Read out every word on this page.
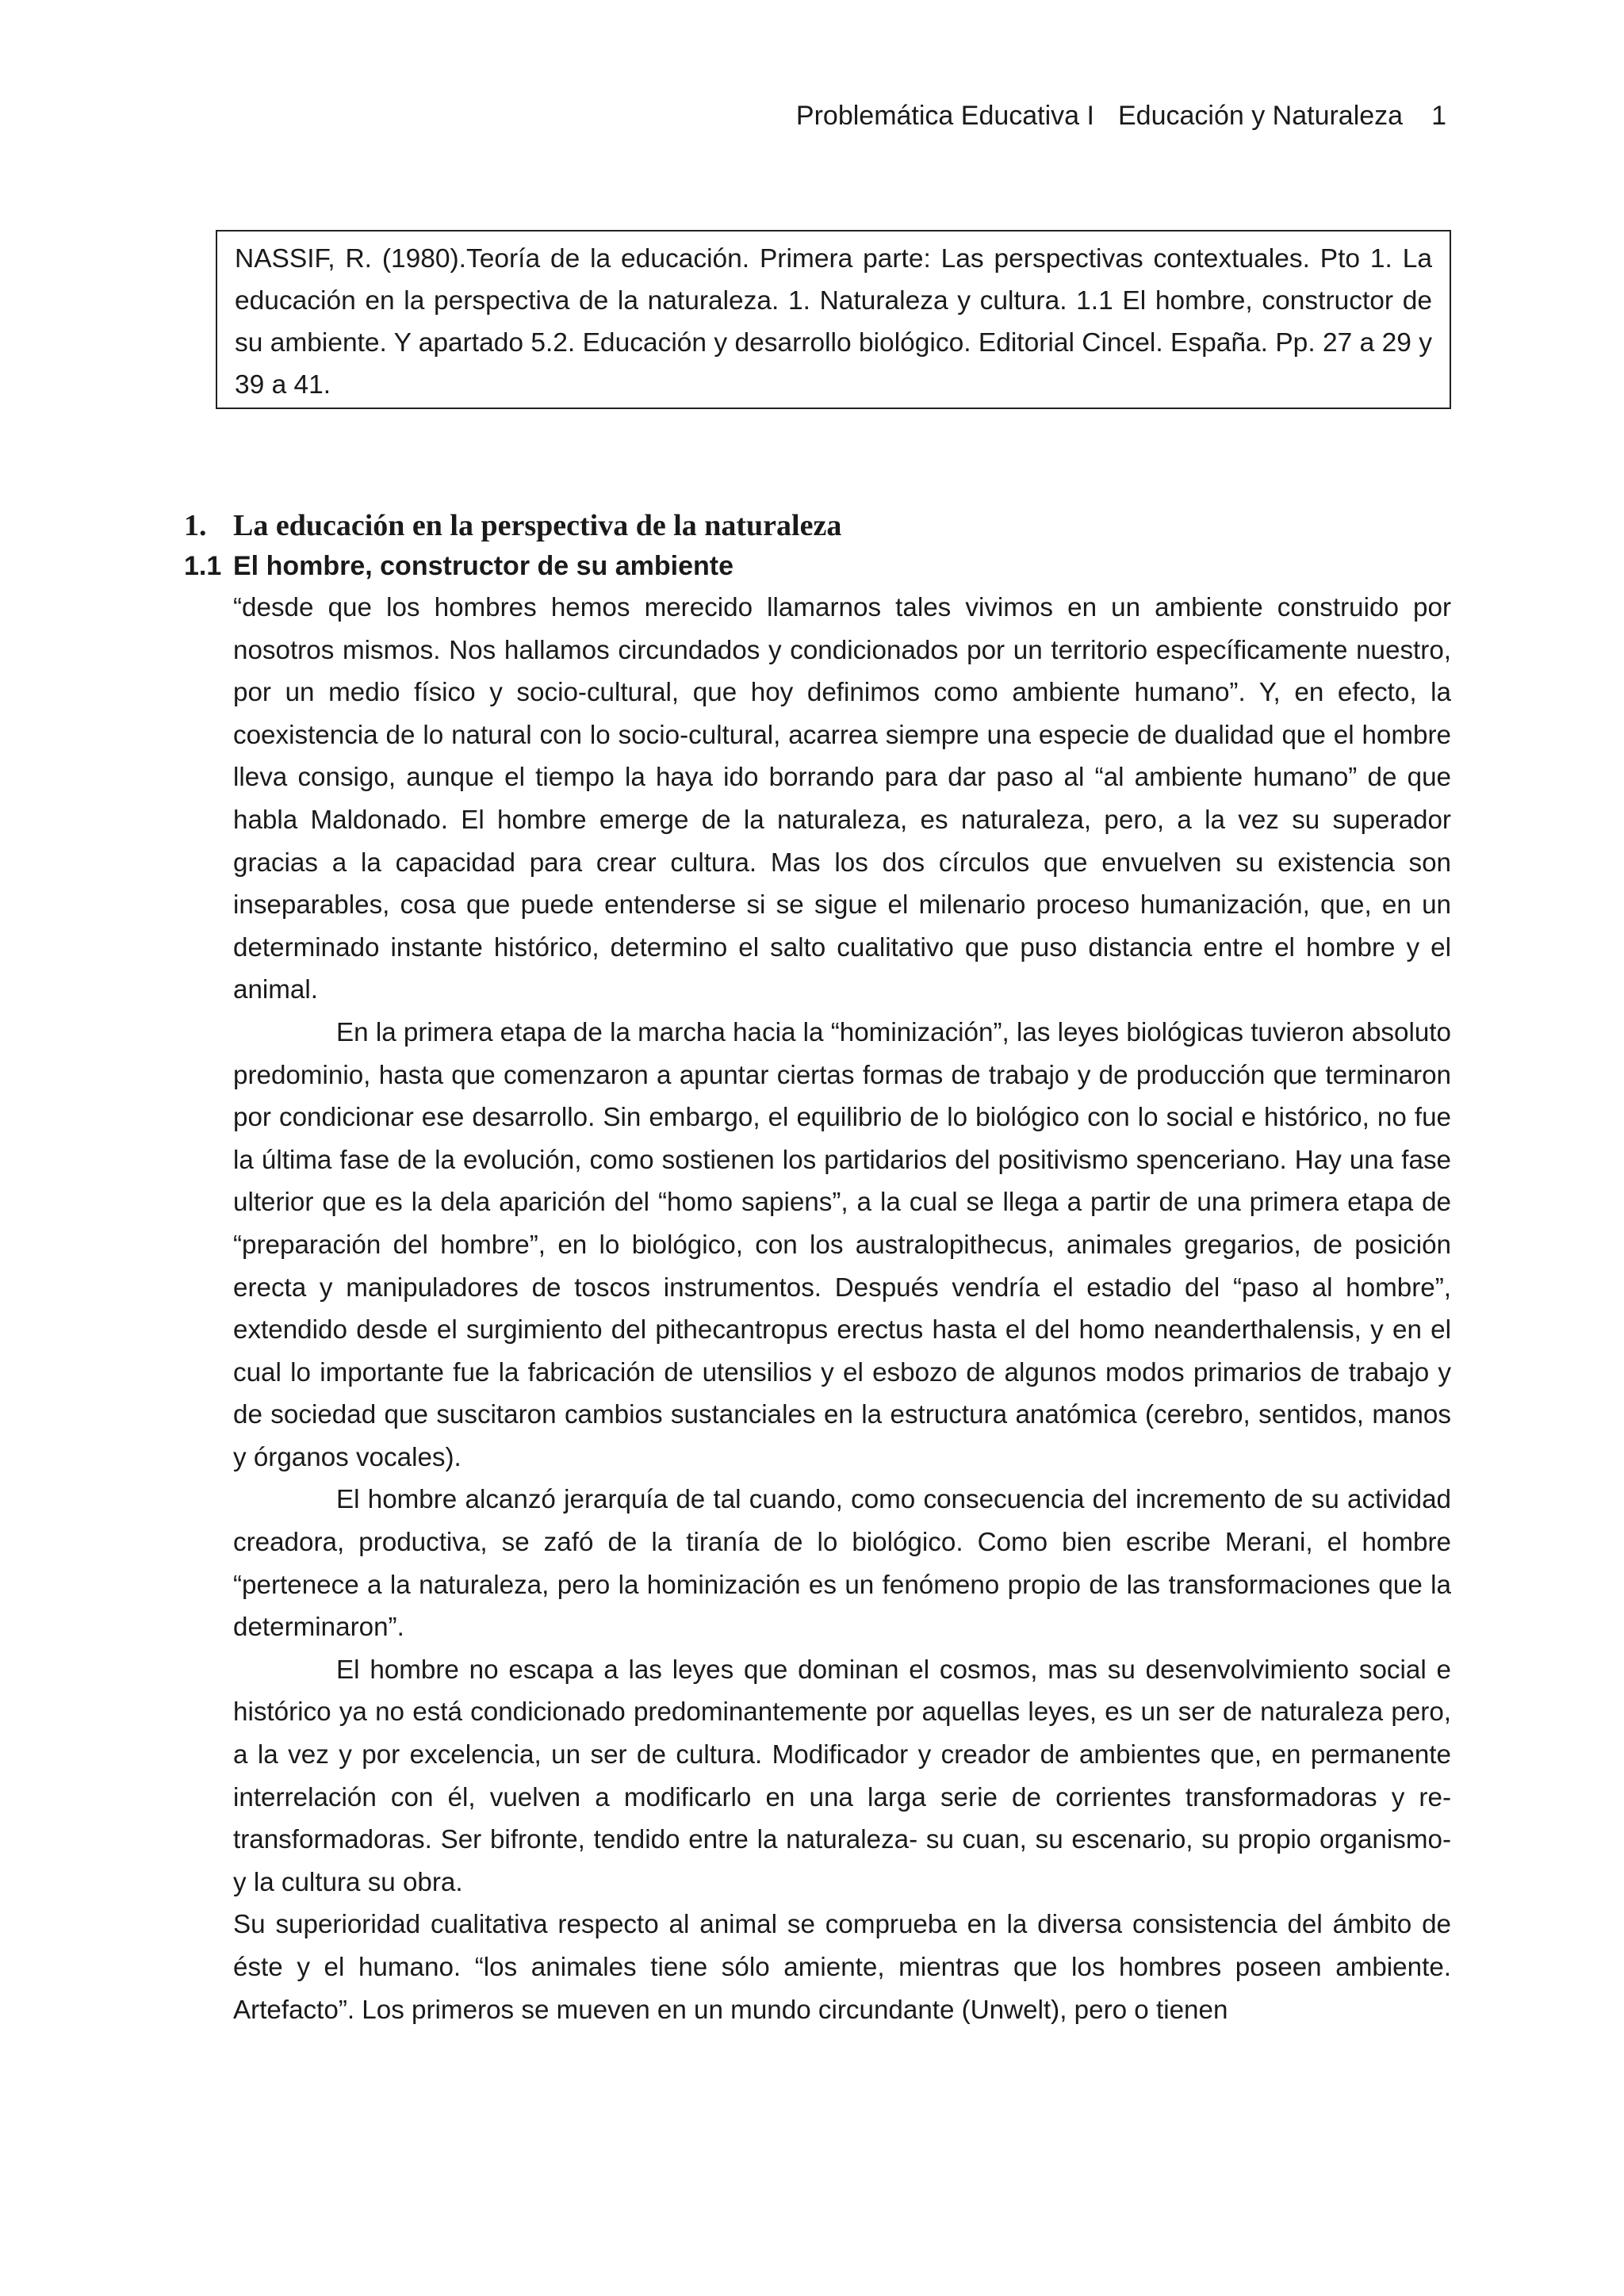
Problemática Educativa I Educación y Naturaleza 1
NASSIF, R. (1980).Teoría de la educación. Primera parte: Las perspectivas contextuales. Pto 1. La educación en la perspectiva de la naturaleza. 1. Naturaleza y cultura. 1.1 El hombre, constructor de su ambiente. Y apartado 5.2. Educación y desarrollo biológico. Editorial Cincel. España. Pp. 27 a 29 y 39 a 41.
1. La educación en la perspectiva de la naturaleza
1.1 El hombre, constructor de su ambiente

“desde que los hombres hemos merecido llamarnos tales vivimos en un ambiente construido por nosotros mismos. Nos hallamos circundados y condicionados por un territorio específicamente nuestro, por un medio físico y socio-cultural, que hoy definimos como ambiente humano”. Y, en efecto, la coexistencia de lo natural con lo socio-cultural, acarrea siempre una especie de dualidad que el hombre lleva consigo, aunque el tiempo la haya ido borrando para dar paso al “al ambiente humano” de que habla Maldonado. El hombre emerge de la naturaleza, es naturaleza, pero, a la vez su superador gracias a la capacidad para crear cultura. Mas los dos círculos que envuelven su existencia son inseparables, cosa que puede entenderse si se sigue el milenario proceso humanización, que, en un determinado instante histórico, determino el salto cualitativo que puso distancia entre el hombre y el animal.

En la primera etapa de la marcha hacia la “hominización”, las leyes biológicas tuvieron absoluto predominio, hasta que comenzaron a apuntar ciertas formas de trabajo y de producción que terminaron por condicionar ese desarrollo. Sin embargo, el equilibrio de lo biológico con lo social e histórico, no fue la última fase de la evolución, como sostienen los partidarios del positivismo spenceriano. Hay una fase ulterior que es la dela aparición del “homo sapiens”, a la cual se llega a partir de una primera etapa de “preparación del hombre”, en lo biológico, con los australopithecus, animales gregarios, de posición erecta y manipuladores de toscos instrumentos. Después vendría el estadio del “paso al hombre”, extendido desde el surgimiento del pithecantropus erectus hasta el del homo neanderthalensis, y en el cual lo importante fue la fabricación de utensilios y el esbozo de algunos modos primarios de trabajo y de sociedad que suscitaron cambios sustanciales en la estructura anatómica (cerebro, sentidos, manos y órganos vocales).

El hombre alcanzó jerarquía de tal cuando, como consecuencia del incremento de su actividad creadora, productiva, se zafó de la tiranía de lo biológico. Como bien escribe Merani, el hombre “pertenece a la naturaleza, pero la hominización es un fenómeno propio de las transformaciones que la determinaron”.

El hombre no escapa a las leyes que dominan el cosmos, mas su desenvolvimiento social e histórico ya no está condicionado predominantemente por aquellas leyes, es un ser de naturaleza pero, a la vez y por excelencia, un ser de cultura. Modificador y creador de ambientes que, en permanente interrelación con él, vuelven a modificarlo en una larga serie de corrientes transformadoras y re- transformadoras. Ser bifronte, tendido entre la naturaleza- su cuan, su escenario, su propio organismo- y la cultura su obra.

Su superioridad cualitativa respecto al animal se comprueba en la diversa consistencia del ámbito de éste y el humano. “los animales tiene sólo amiente, mientras que los hombres poseen ambiente. Artefacto”. Los primeros se mueven en un mundo circundante (Unwelt), pero o tienen
